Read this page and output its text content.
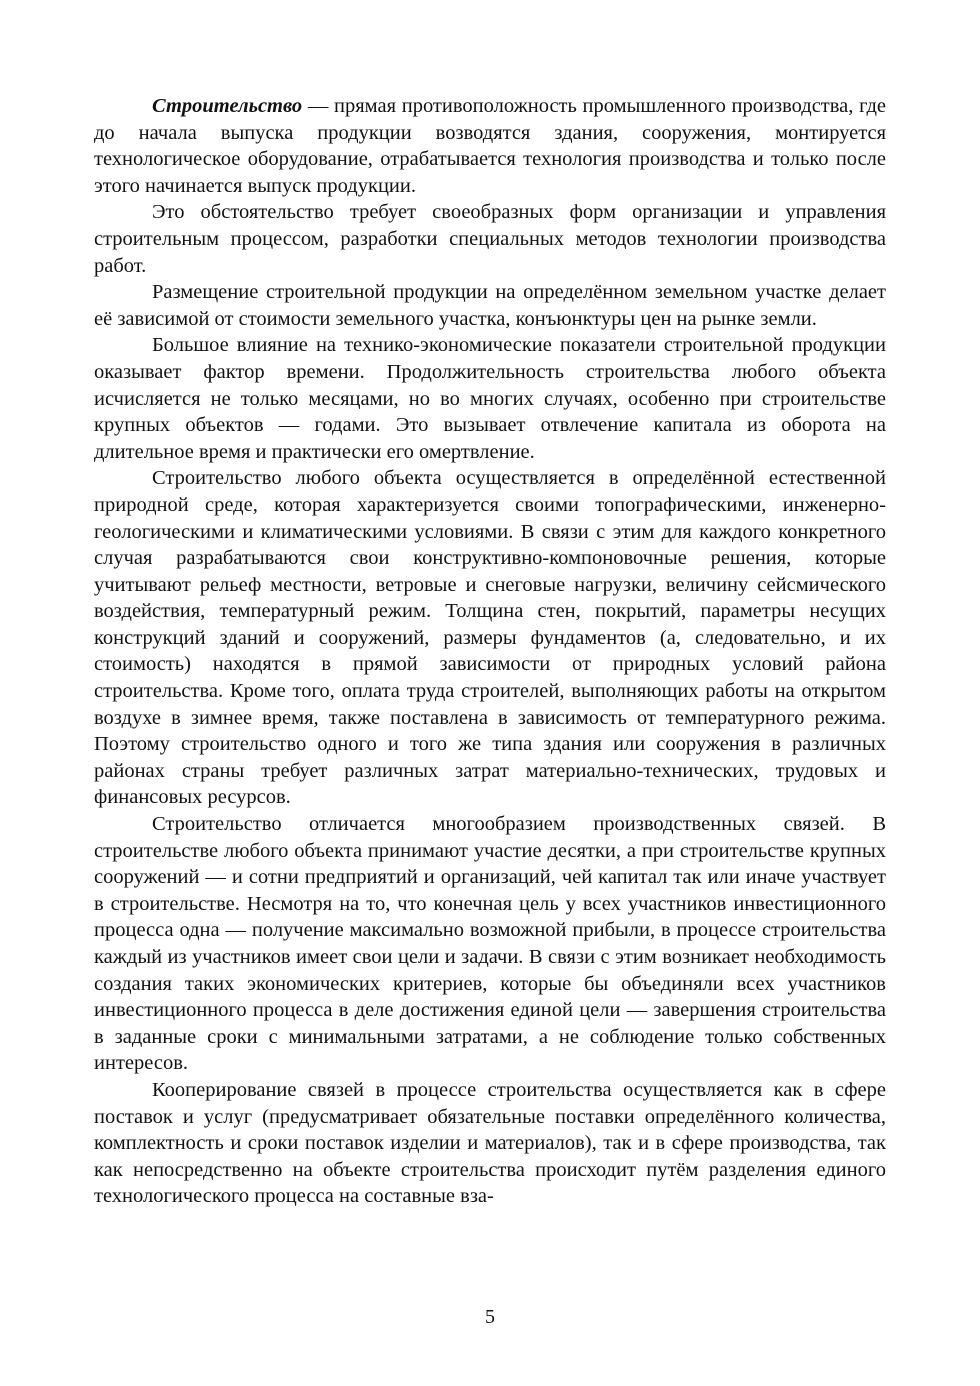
Строительство — прямая противоположность промышленного производства, где до начала выпуска продукции возводятся здания, сооружения, монтируется технологическое оборудование, отрабатывается технология производства и только после этого начинается выпуск продукции.

Это обстоятельство требует своеобразных форм организации и управления строительным процессом, разработки специальных методов технологии производства работ.

Размещение строительной продукции на определённом земельном участке делает её зависимой от стоимости земельного участка, конъюнктуры цен на рынке земли.

Большое влияние на технико-экономические показатели строительной продукции оказывает фактор времени. Продолжительность строительства любого объекта исчисляется не только месяцами, но во многих случаях, особенно при строительстве крупных объектов — годами. Это вызывает отвлечение капитала из оборота на длительное время и практически его омертвление.

Строительство любого объекта осуществляется в определённой естественной природной среде, которая характеризуется своими топографическими, инженерно-геологическими и климатическими условиями. В связи с этим для каждого конкретного случая разрабатываются свои конструктивно-компоновочные решения, которые учитывают рельеф местности, ветровые и снеговые нагрузки, величину сейсмического воздействия, температурный режим. Толщина стен, покрытий, параметры несущих конструкций зданий и сооружений, размеры фундаментов (а, следовательно, и их стоимость) находятся в прямой зависимости от природных условий района строительства. Кроме того, оплата труда строителей, выполняющих работы на открытом воздухе в зимнее время, также поставлена в зависимость от температурного режима. Поэтому строительство одного и того же типа здания или сооружения в различных районах страны требует различных затрат материально-технических, трудовых и финансовых ресурсов.

Строительство отличается многообразием производственных связей. В строительстве любого объекта принимают участие десятки, а при строительстве крупных сооружений — и сотни предприятий и организаций, чей капитал так или иначе участвует в строительстве. Несмотря на то, что конечная цель у всех участников инвестиционного процесса одна — получение максимально возможной прибыли, в процессе строительства каждый из участников имеет свои цели и задачи. В связи с этим возникает необходимость создания таких экономических критериев, которые бы объединяли всех участников инвестиционного процесса в деле достижения единой цели — завершения строительства в заданные сроки с минимальными затратами, а не соблюдение только собственных интересов.

Кооперирование связей в процессе строительства осуществляется как в сфере поставок и услуг (предусматривает обязательные поставки определённого количества, комплектность и сроки поставок изделии и материалов), так и в сфере производства, так как непосредственно на объекте строительства происходит путём разделения единого технологического процесса на составные вза-

5
